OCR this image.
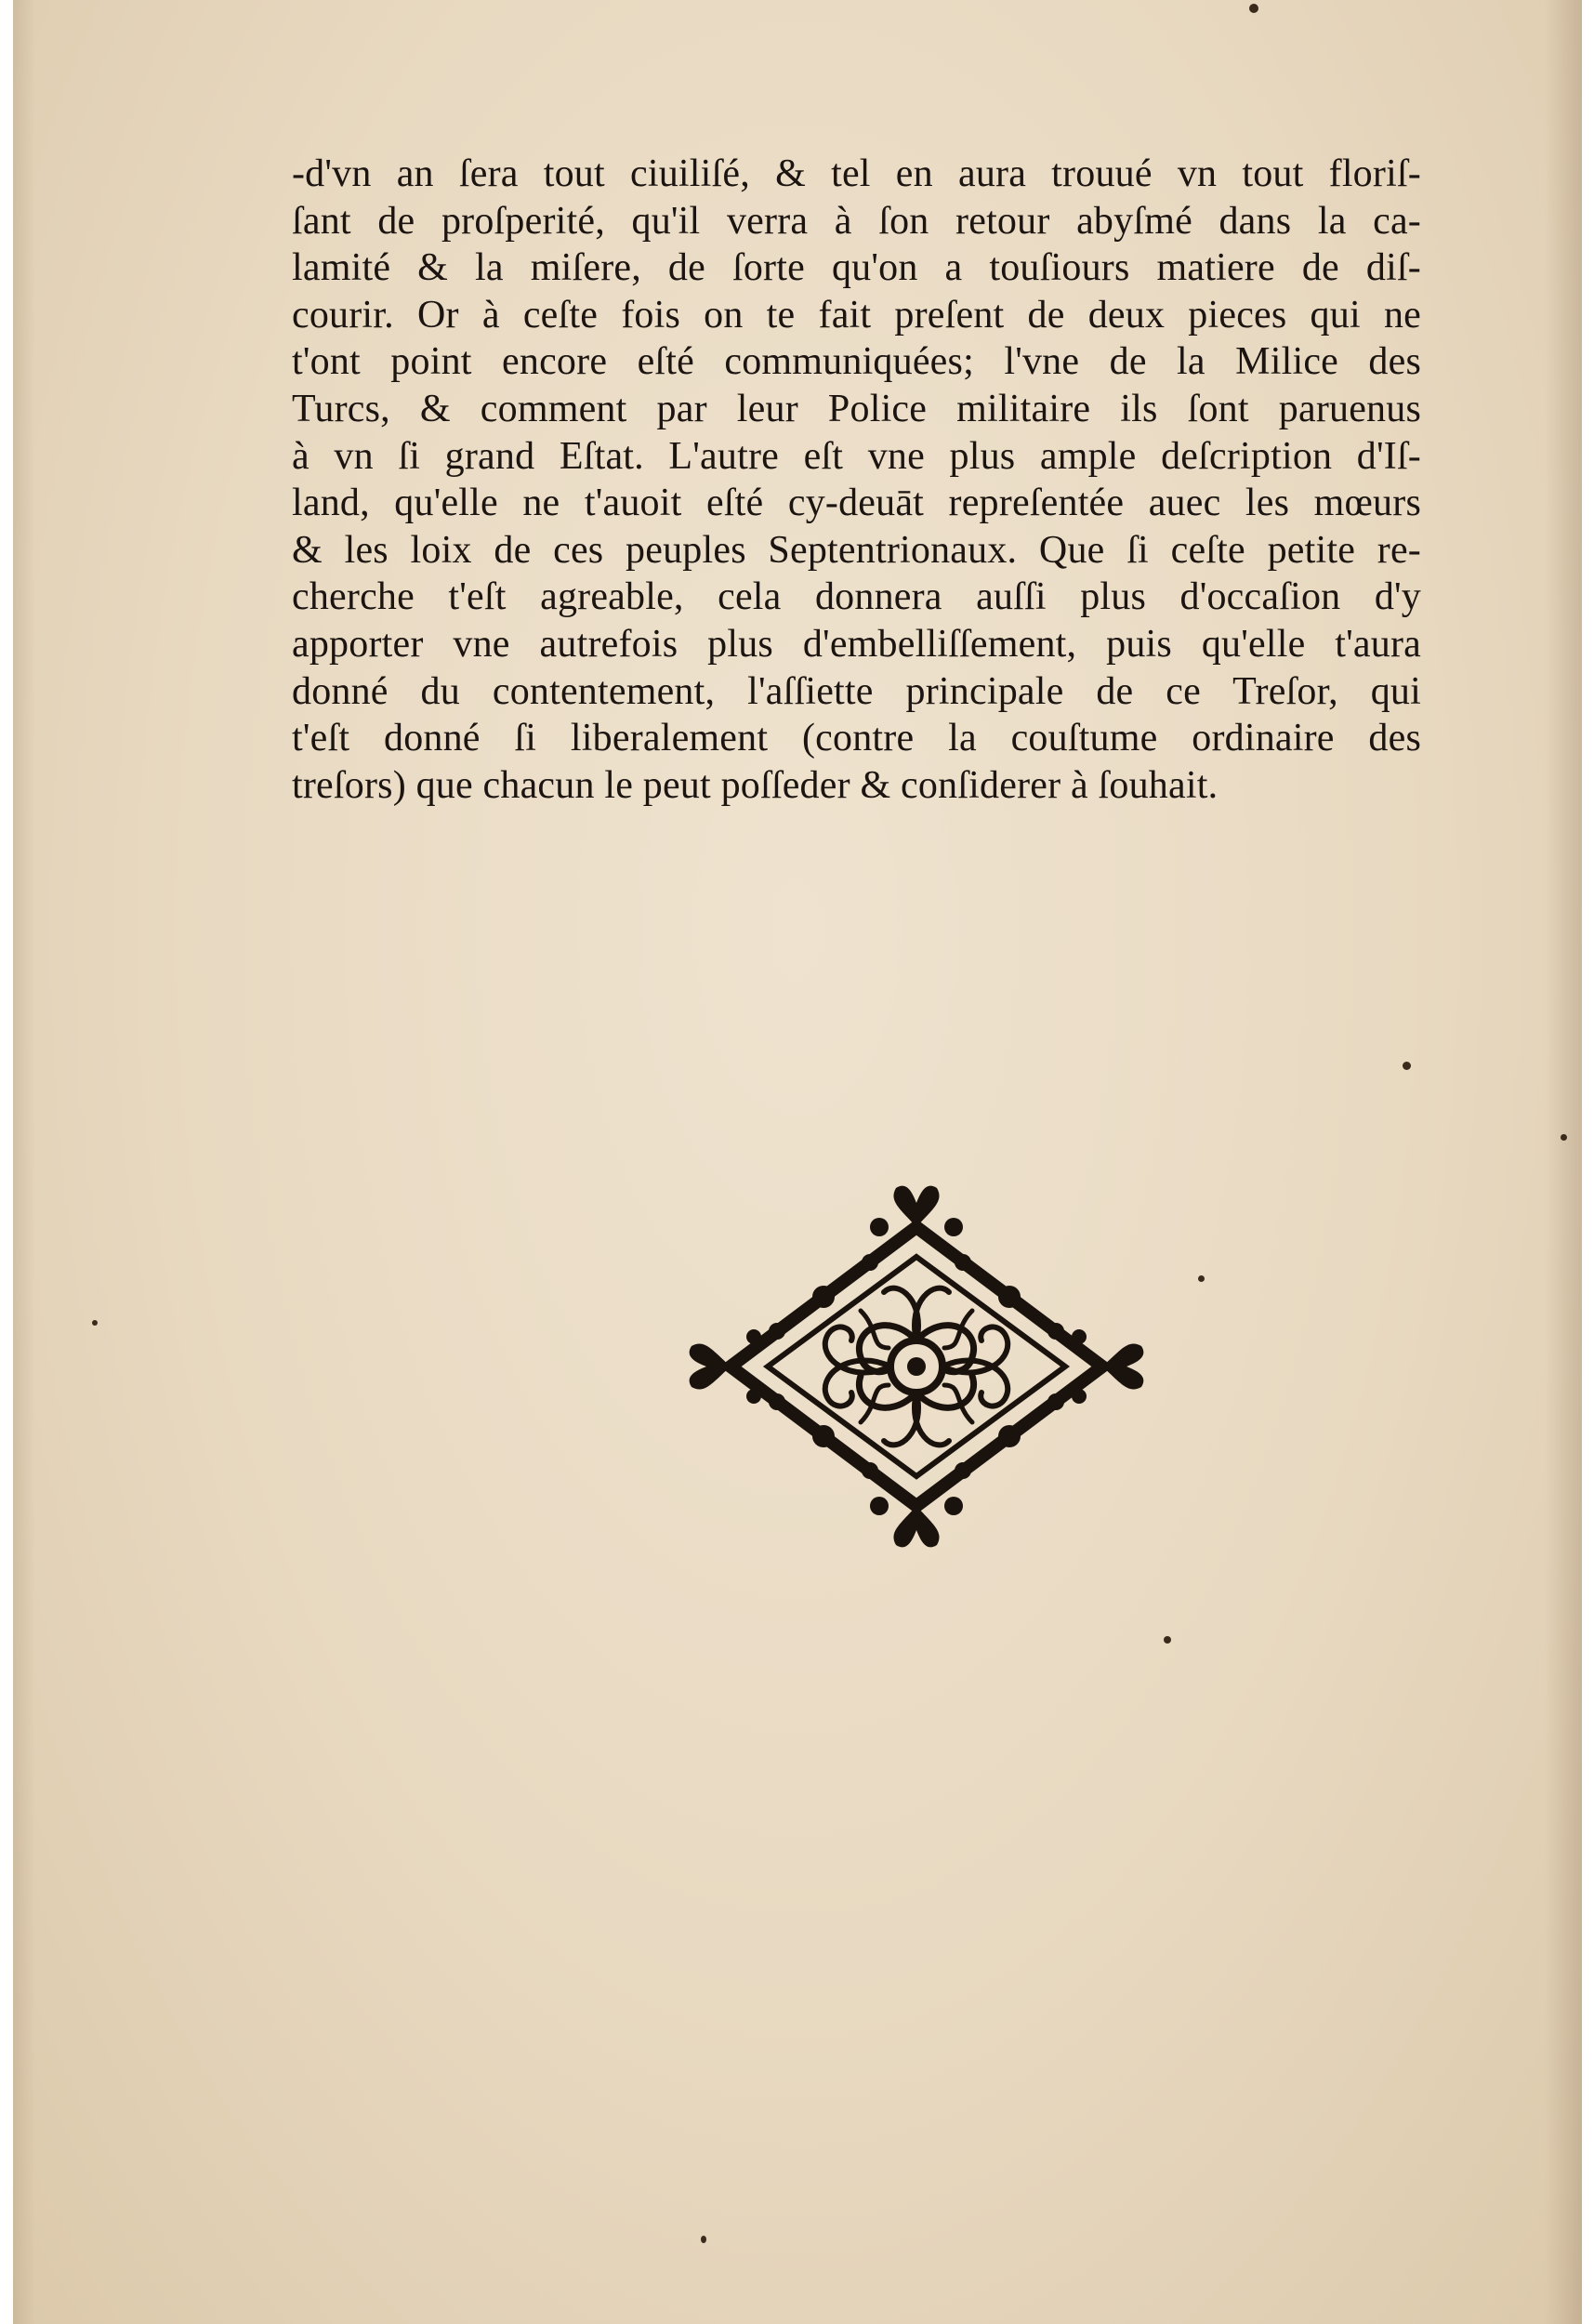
-d'vn an ſera tout ciuiliſé, & tel en aura trouué vn tout floriſ-
ſant de proſperité, qu'il verra à ſon retour abyſmé dans la ca-
lamité & la miſere, de ſorte qu'on a touſiours matiere de diſ-
courir. Or à ceſte fois on te fait preſent de deux pieces qui ne
t'ont point encore eſté communiquées; l'vne de la Milice des
Turcs, & comment par leur Police militaire ils ſont paruenus
à vn ſi grand Eſtat. L'autre eſt vne plus ample deſcription d'Iſ-
land, qu'elle ne t'auoit eſté cy-deuāt repreſentée auec les mœurs
& les loix de ces peuples Septentrionaux. Que ſi ceſte petite re-
cherche t'eſt agreable, cela donnera auſſi plus d'occaſion d'y
apporter vne autrefois plus d'embelliſſement, puis qu'elle t'aura
donné du contentement, l'aſſiette principale de ce Treſor, qui
t'eſt donné ſi liberalement (contre la couſtume ordinaire des
treſors) que chacun le peut poſſeder & conſiderer à ſouhait.
